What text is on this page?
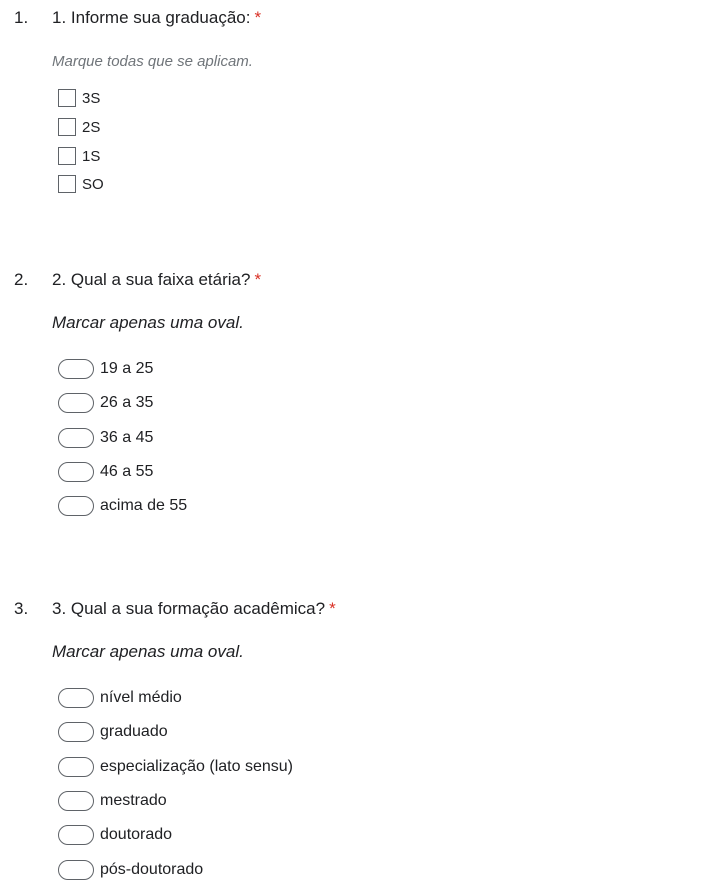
1. 1. Informe sua graduação: *
Marque todas que se aplicam.
3S
2S
1S
SO
2. 2. Qual a sua faixa etária? *
Marcar apenas uma oval.
19 a 25
26 a 35
36 a 45
46 a 55
acima de 55
3. 3. Qual a sua formação acadêmica? *
Marcar apenas uma oval.
nível médio
graduado
especialização (lato sensu)
mestrado
doutorado
pós-doutorado
